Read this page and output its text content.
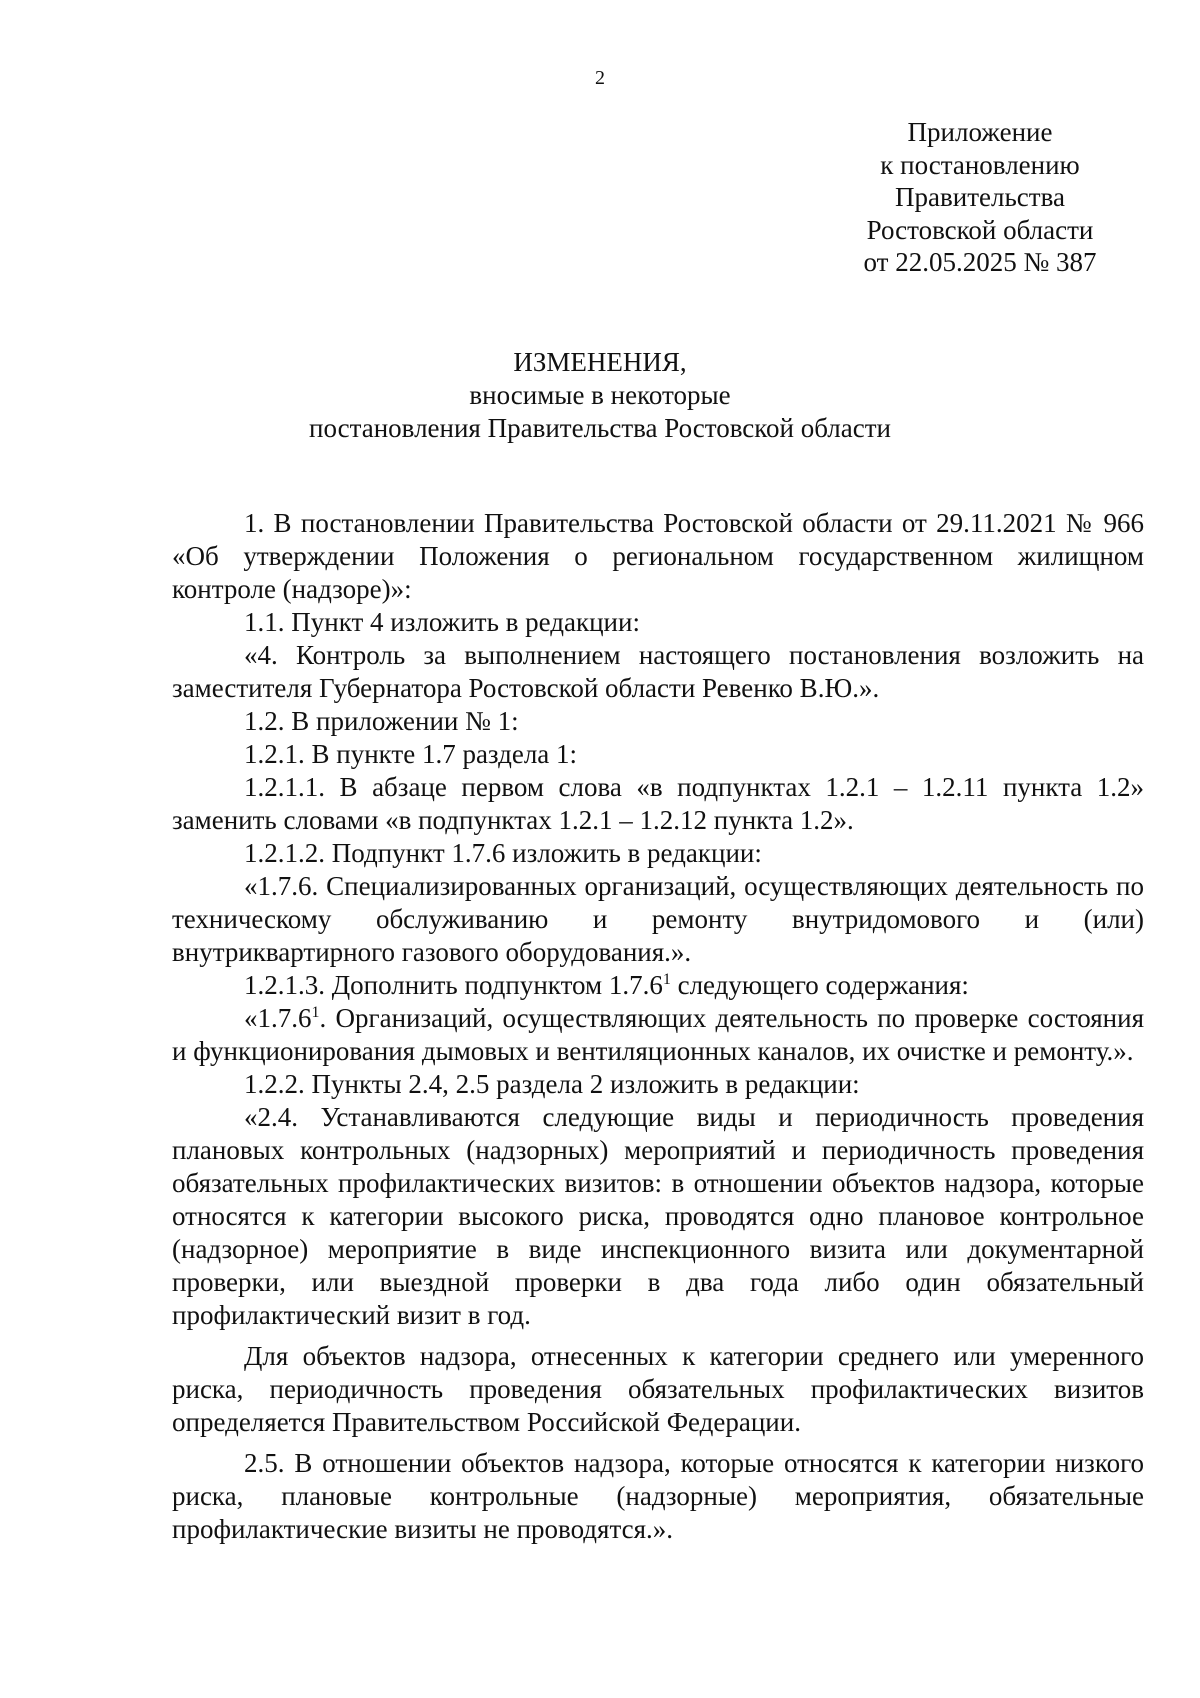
2
Приложение
к постановлению
Правительства
Ростовской области
от 22.05.2025 № 387
ИЗМЕНЕНИЯ,
вносимые в некоторые
постановления Правительства Ростовской области

1. В постановлении Правительства Ростовской области от 29.11.2021 № 966 «Об утверждении Положения о региональном государственном жилищном контроле (надзоре)»:

1.1. Пункт 4 изложить в редакции:

«4. Контроль за выполнением настоящего постановления возложить на заместителя Губернатора Ростовской области Ревенко В.Ю.».

1.2. В приложении № 1:

1.2.1. В пункте 1.7 раздела 1:

1.2.1.1. В абзаце первом слова «в подпунктах 1.2.1 – 1.2.11 пункта 1.2» заменить словами «в подпунктах 1.2.1 – 1.2.12 пункта 1.2».

1.2.1.2. Подпункт 1.7.6 изложить в редакции:

«1.7.6. Специализированных организаций, осуществляющих деятельность по техническому обслуживанию и ремонту внутридомового и (или) внутриквартирного газового оборудования.».

1.2.1.3. Дополнить подпунктом 1.7.6$^1$ следующего содержания:

«1.7.6$^1$. Организаций, осуществляющих деятельность по проверке состояния и функционирования дымовых и вентиляционных каналов, их очистке и ремонту.».

1.2.2. Пункты 2.4, 2.5 раздела 2 изложить в редакции:

«2.4. Устанавливаются следующие виды и периодичность проведения плановых контрольных (надзорных) мероприятий и периодичность проведения обязательных профилактических визитов: в отношении объектов надзора, которые относятся к категории высокого риска, проводятся одно плановое контрольное (надзорное) мероприятие в виде инспекционного визита или документарной проверки, или выездной проверки в два года либо один обязательный профилактический визит в год.

Для объектов надзора, отнесенных к категории среднего или умеренного риска, периодичность проведения обязательных профилактических визитов определяется Правительством Российской Федерации.

2.5. В отношении объектов надзора, которые относятся к категории низкого риска, плановые контрольные (надзорные) мероприятия, обязательные профилактические визиты не проводятся.».
